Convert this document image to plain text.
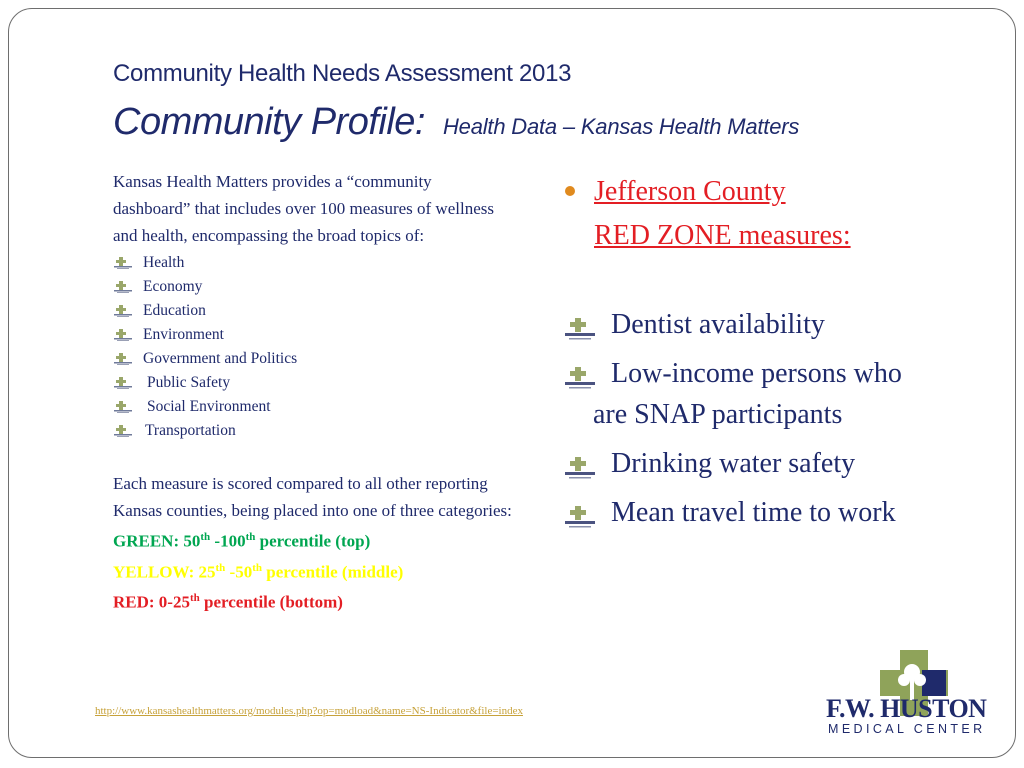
Community Health Needs Assessment 2013
Community Profile: Health Data – Kansas Health Matters

Kansas Health Matters provides a “community dashboard” that includes over 100 measures of wellness and health, encompassing the broad topics of:

Health
Economy
Education
Environment
Government and Politics
Public Safety
Social Environment
Transportation

Each measure is scored compared to all other reporting Kansas counties, being placed into one of three categories:

GREEN: 50th -100th percentile (top)

YELLOW: 25th -50th percentile (middle)

RED: 0-25th percentile (bottom)

Jefferson County
RED ZONE measures:
Dentist availability
Low-income persons who
are SNAP participants
Drinking water safety
Mean travel time to work
http://www.kansashealthmatters.org/modules.php?op=modload&name=NS-Indicator&file=index	F.W. HUSTON
MEDICAL CENTER
